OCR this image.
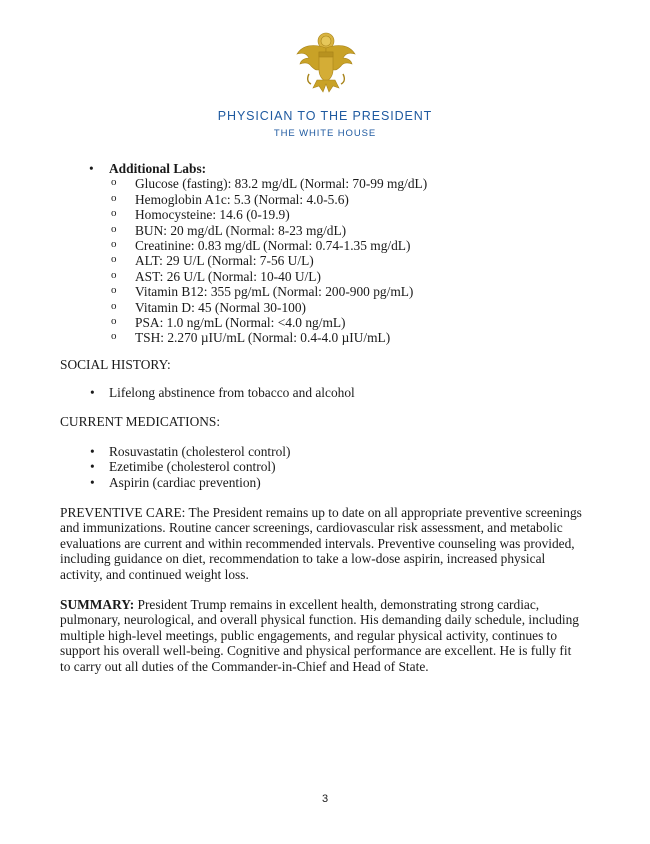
PHYSICIAN TO THE PRESIDENT
THE WHITE HOUSE
• Additional Labs:
o Glucose (fasting): 83.2 mg/dL (Normal: 70-99 mg/dL)
o Hemoglobin A1c: 5.3 (Normal: 4.0-5.6)
o Homocysteine: 14.6 (0-19.9)
o BUN: 20 mg/dL (Normal: 8-23 mg/dL)
o Creatinine: 0.83 mg/dL (Normal: 0.74-1.35 mg/dL)
o ALT: 29 U/L (Normal: 7-56 U/L)
o AST: 26 U/L (Normal: 10-40 U/L)
o Vitamin B12: 355 pg/mL (Normal: 200-900 pg/mL)
o Vitamin D: 45 (Normal 30-100)
o PSA: 1.0 ng/mL (Normal: <4.0 ng/mL)
o TSH: 2.270 µIU/mL (Normal: 0.4-4.0 µIU/mL)
SOCIAL HISTORY:
• Lifelong abstinence from tobacco and alcohol
CURRENT MEDICATIONS:
• Rosuvastatin (cholesterol control)
• Ezetimibe (cholesterol control)
• Aspirin (cardiac prevention)
PREVENTIVE CARE: The President remains up to date on all appropriate preventive screenings
and immunizations. Routine cancer screenings, cardiovascular risk assessment, and metabolic
evaluations are current and within recommended intervals. Preventive counseling was provided,
including guidance on diet, recommendation to take a low-dose aspirin, increased physical
activity, and continued weight loss.
SUMMARY: President Trump remains in excellent health, demonstrating strong cardiac,
pulmonary, neurological, and overall physical function. His demanding daily schedule, including
multiple high-level meetings, public engagements, and regular physical activity, continues to
support his overall well-being. Cognitive and physical performance are excellent. He is fully fit
to carry out all duties of the Commander-in-Chief and Head of State.
3
